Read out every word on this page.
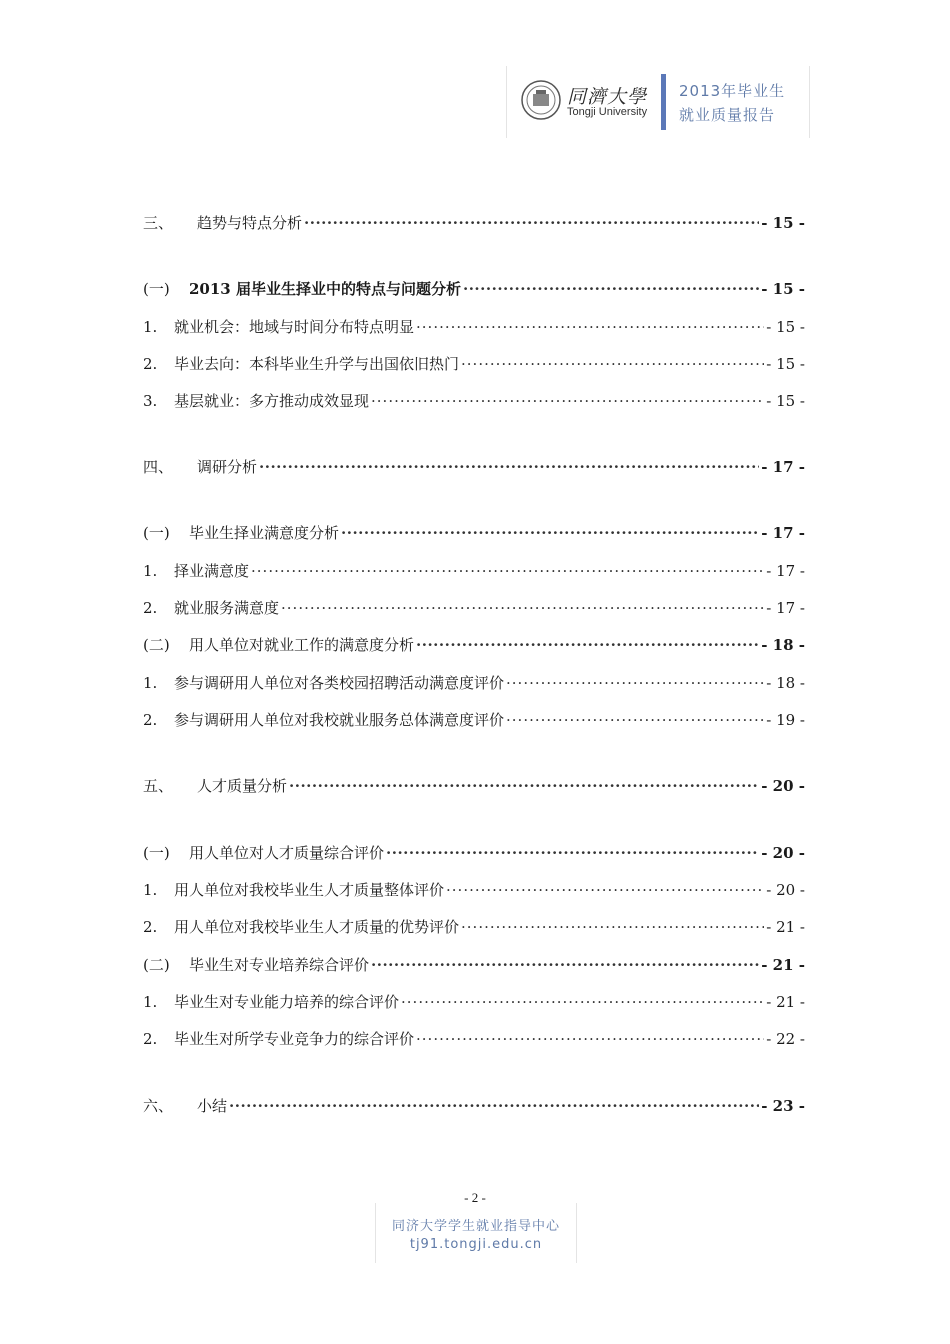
同濟大學
Tongji University
2013年毕业生
就业质量报告
三、	趋势与特点分析 ·····	- 15 -
(一)	2013 届毕业生择业中的特点与问题分析 ·····	- 15 -
1.	就业机会：地域与时间分布特点明显 ·····	- 15 -
2.	毕业去向：本科毕业生升学与出国依旧热门 ·····	- 15 -
3.	基层就业：多方推动成效显现 ·····	- 15 -
四、	调研分析 ·····	- 17 -
(一)	毕业生择业满意度分析 ·····	- 17 -
1.	择业满意度 ·····	- 17 -
2.	就业服务满意度 ·····	- 17 -
(二)	用人单位对就业工作的满意度分析 ·····	- 18 -
1.	参与调研用人单位对各类校园招聘活动满意度评价 ·····	- 18 -
2.	参与调研用人单位对我校就业服务总体满意度评价 ·····	- 19 -
五、	人才质量分析 ·····	- 20 -
(一)	用人单位对人才质量综合评价 ·····	- 20 -
1.	用人单位对我校毕业生人才质量整体评价 ·····	- 20 -
2.	用人单位对我校毕业生人才质量的优势评价 ·····	- 21 -
(二)	毕业生对专业培养综合评价 ·····	- 21 -
1.	毕业生对专业能力培养的综合评价 ·····	- 21 -
2.	毕业生对所学专业竞争力的综合评价 ·····	- 22 -
六、	小结 ·····	- 23 -
- 2 -
同济大学学生就业指导中心
tj91.tongji.edu.cn
